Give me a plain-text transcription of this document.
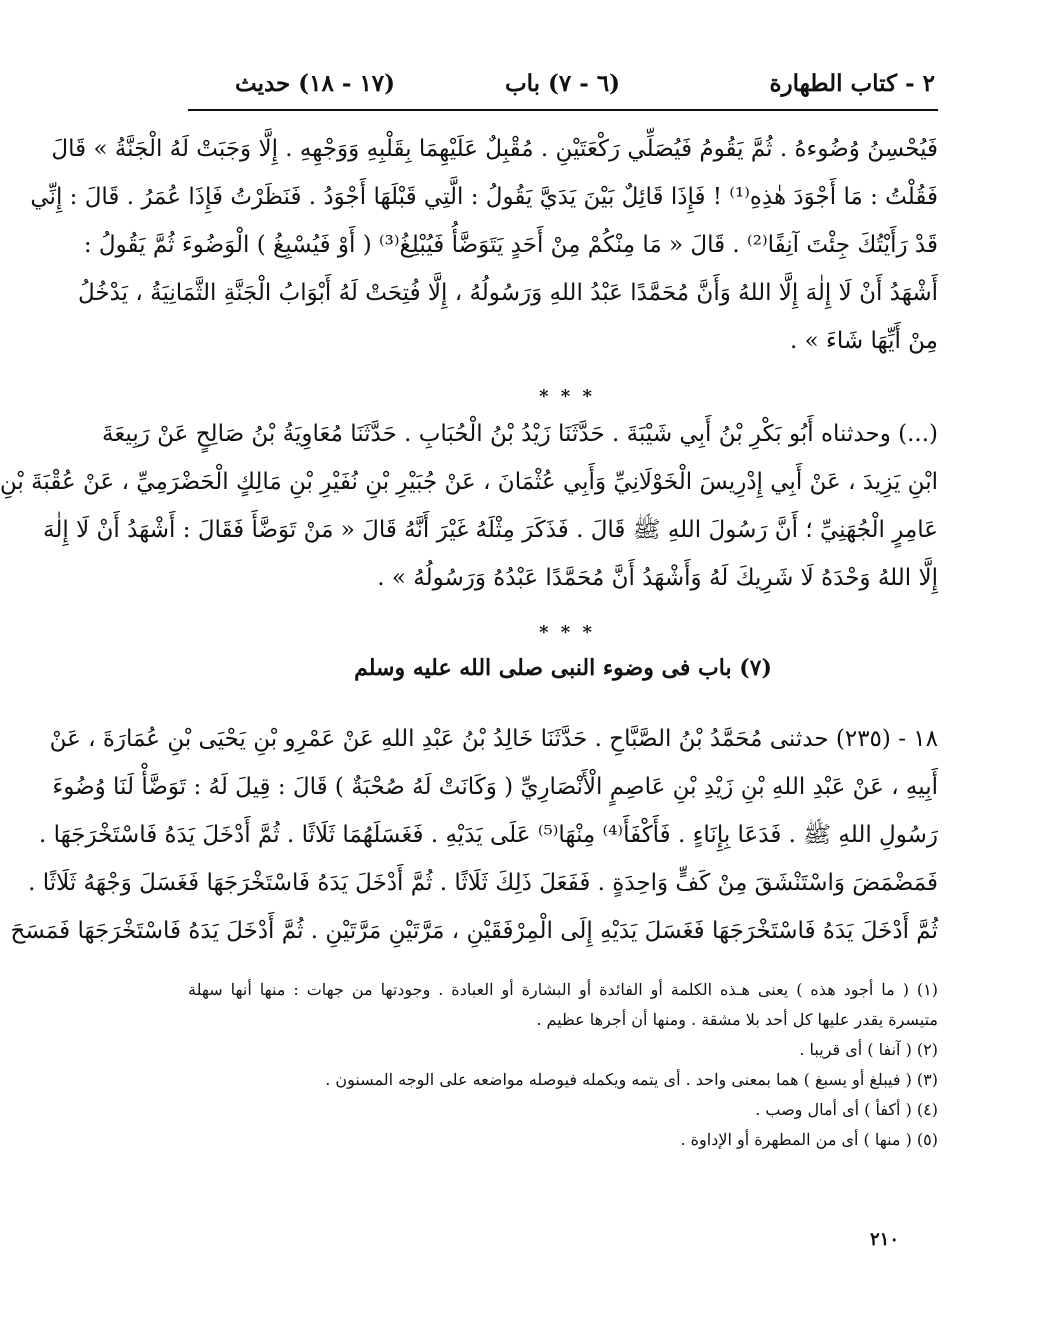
٢ - كتاب الطهارة
(٦ - ٧) باب
(١٧ - ١٨) حديث
فَيُحْسِنُ وُضُوءهُ . ثُمَّ يَقُومُ فَيُصَلِّي رَكْعَتَيْنِ . مُقْبِلٌ عَلَيْهِمَا بِقَلْبِهِ وَوَجْهِهِ . إِلَّا وَجَبَتْ لَهُ الْجَنَّةُ » قَالَ
فَقُلْتُ : مَا أَجْوَدَ هٰذِهِ⁽¹⁾ ! فَإِذَا قَائِلٌ بَيْنَ يَدَيَّ يَقُولُ : الَّتِي قَبْلَهَا أَجْوَدُ . فَنَظَرْتُ فَإِذَا عُمَرُ . قَالَ : إِنِّي
قَدْ رَأَيْتُكَ جِئْتَ آنِفًا⁽²⁾ . قَالَ « مَا مِنْكُمْ مِنْ أَحَدٍ يَتَوَضَّأُ فَيُبْلِغُ⁽³⁾ ( أَوْ فَيُسْبِغُ ) الْوَضُوءَ ثُمَّ يَقُولُ :
أَشْهَدُ أَنْ لَا إِلٰهَ إِلَّا اللهُ وَأَنَّ مُحَمَّدًا عَبْدُ اللهِ وَرَسُولُهُ ، إِلَّا فُتِحَتْ لَهُ أَبْوَابُ الْجَنَّةِ الثَّمَانِيَةُ ، يَدْخُلُ
مِنْ أَيِّهَا شَاءَ » .
* * *
(...) وحدثناه أَبُو بَكْرِ بْنُ أَبِي شَيْبَةَ . حَدَّثَنَا زَيْدُ بْنُ الْحُبَابِ . حَدَّثَنَا مُعَاوِيَةُ بْنُ صَالِحٍ عَنْ رَبِيعَةَ
ابْنِ يَزِيدَ ، عَنْ أَبِي إِدْرِيسَ الْخَوْلَانِيِّ وَأَبِي عُثْمَانَ ، عَنْ جُبَيْرِ بْنِ نُفَيْرِ بْنِ مَالِكٍ الْحَضْرَمِيِّ ، عَنْ عُقْبَةَ بْنِ
عَامِرٍ الْجُهَنِيِّ ؛ أَنَّ رَسُولَ اللهِ ﷺ قَالَ . فَذَكَرَ مِثْلَهُ غَيْرَ أَنَّهُ قَالَ « مَنْ تَوَضَّأَ فَقَالَ : أَشْهَدُ أَنْ لَا إِلٰهَ
إِلَّا اللهُ وَحْدَهُ لَا شَرِيكَ لَهُ وَأَشْهَدُ أَنَّ مُحَمَّدًا عَبْدُهُ وَرَسُولُهُ » .
* * *
(٧) باب فى وضوء النبى صلى الله عليه وسلم
١٨ - (٢٣٥) حدثنى مُحَمَّدُ بْنُ الصَّبَّاحِ . حَدَّثَنَا خَالِدُ بْنُ عَبْدِ اللهِ عَنْ عَمْرِو بْنِ يَحْيَى بْنِ عُمَارَةَ ، عَنْ
أَبِيهِ ، عَنْ عَبْدِ اللهِ بْنِ زَيْدِ بْنِ عَاصِمٍ الْأَنْصَارِيِّ ( وَكَانَتْ لَهُ صُحْبَةٌ ) قَالَ : قِيلَ لَهُ : تَوَضَّأْ لَنَا وُضُوءَ
رَسُولِ اللهِ ﷺ . فَدَعَا بِإِنَاءٍ . فَأَكْفَأَ⁽⁴⁾ مِنْهَا⁽⁵⁾ عَلَى يَدَيْهِ . فَغَسَلَهُمَا ثَلَاثًا . ثُمَّ أَدْخَلَ يَدَهُ فَاسْتَخْرَجَهَا .
فَمَضْمَضَ وَاسْتَنْشَقَ مِنْ كَفٍّ وَاحِدَةٍ . فَفَعَلَ ذَلِكَ ثَلَاثًا . ثُمَّ أَدْخَلَ يَدَهُ فَاسْتَخْرَجَهَا فَغَسَلَ وَجْهَهُ ثَلَاثًا .
ثُمَّ أَدْخَلَ يَدَهُ فَاسْتَخْرَجَهَا فَغَسَلَ يَدَيْهِ إِلَى الْمِرْفَقَيْنِ ، مَرَّتَيْنِ مَرَّتَيْنِ . ثُمَّ أَدْخَلَ يَدَهُ فَاسْتَخْرَجَهَا فَمَسَحَ
(١) ( ما أجود هذه ) يعنى هـذه الكلمة أو الفائدة أو البشارة أو العبادة . وجودتها من جهات : منها أنها سهلة
متيسرة يقدر عليها كل أحد بلا مشقة . ومنها أن أجرها عظيم .
(٢) ( آنفا ) أى قريبا .
(٣) ( فيبلغ أو يسبغ ) هما بمعنى واحد . أى يتمه ويكمله فيوصله مواضعه على الوجه المسنون .
(٤) ( أكفأ ) أى أمال وصب .
(٥) ( منها ) أى من المطهرة أو الإداوة .
٢١٠
